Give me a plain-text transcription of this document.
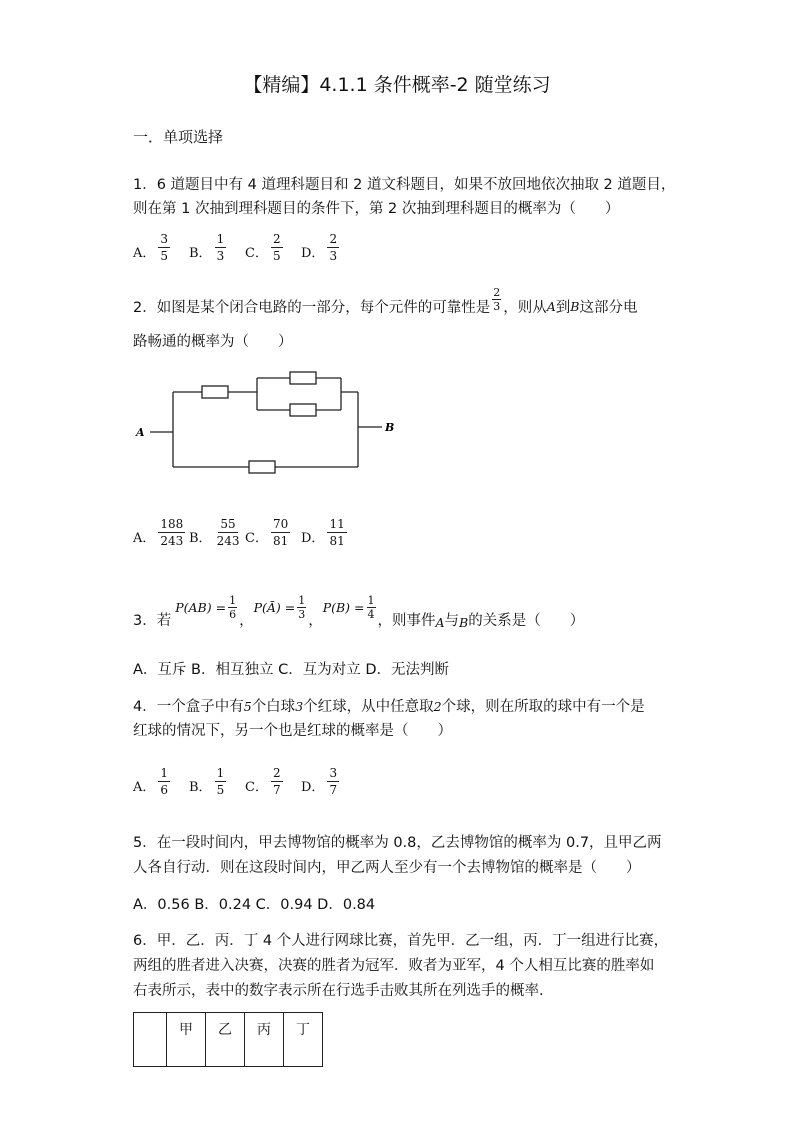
【精编】4.1.1 条件概率-2 随堂练习
一．单项选择
1．6 道题目中有 4 道理科题目和 2 道文科题目，如果不放回地依次抽取 2 道题目，
则在第 1 次抽到理科题目的条件下，第 2 次抽到理科题目的概率为（　　）
A． $\frac{3}{5}$ B． $\frac{1}{3}$ C． $\frac{2}{5}$ D． $\frac{2}{3}$
2．如图是某个闭合电路的一部分，每个元件的可靠性是
2
3 ，则从 A 到 B 这部分电
路畅通的概率为（　　）
A	B
A． $\frac{188}{243}$ B． $\frac{55}{243}$ C． $\frac{70}{81}$ D． $\frac{11}{81}$
3．若
$P(AB) = \frac{1}{6}$ ，
P(Ā) = $\frac{1}{3}$ ，
$P(B) = \frac{1}{4}$ ，则事件 A 与 B 的关系是（　　）
A．互斥 B．相互独立 C．互为对立 D．无法判断
4．一个盒子中有5个白球3个红球，从中任意取2个球，则在所取的球中有一个是
红球的情况下，另一个也是红球的概率是（　　）
A． $\frac{1}{6}$ B． $\frac{1}{5}$ C． $\frac{2}{7}$ D． $\frac{3}{7}$
5．在一段时间内，甲去博物馆的概率为 0.8，乙去博物馆的概率为 0.7，且甲乙两
人各自行动．则在这段时间内，甲乙两人至少有一个去博物馆的概率是（　　）
A．0.56 B．0.24 C．0.94 D．0.84
6．甲．乙．丙．丁 4 个人进行网球比赛，首先甲．乙一组，丙．丁一组进行比赛，
两组的胜者进入决赛，决赛的胜者为冠军．败者为亚军，4 个人相互比赛的胜率如
右表所示，表中的数字表示所在行选手击败其所在列选手的概率.
	甲	乙	丙	丁
